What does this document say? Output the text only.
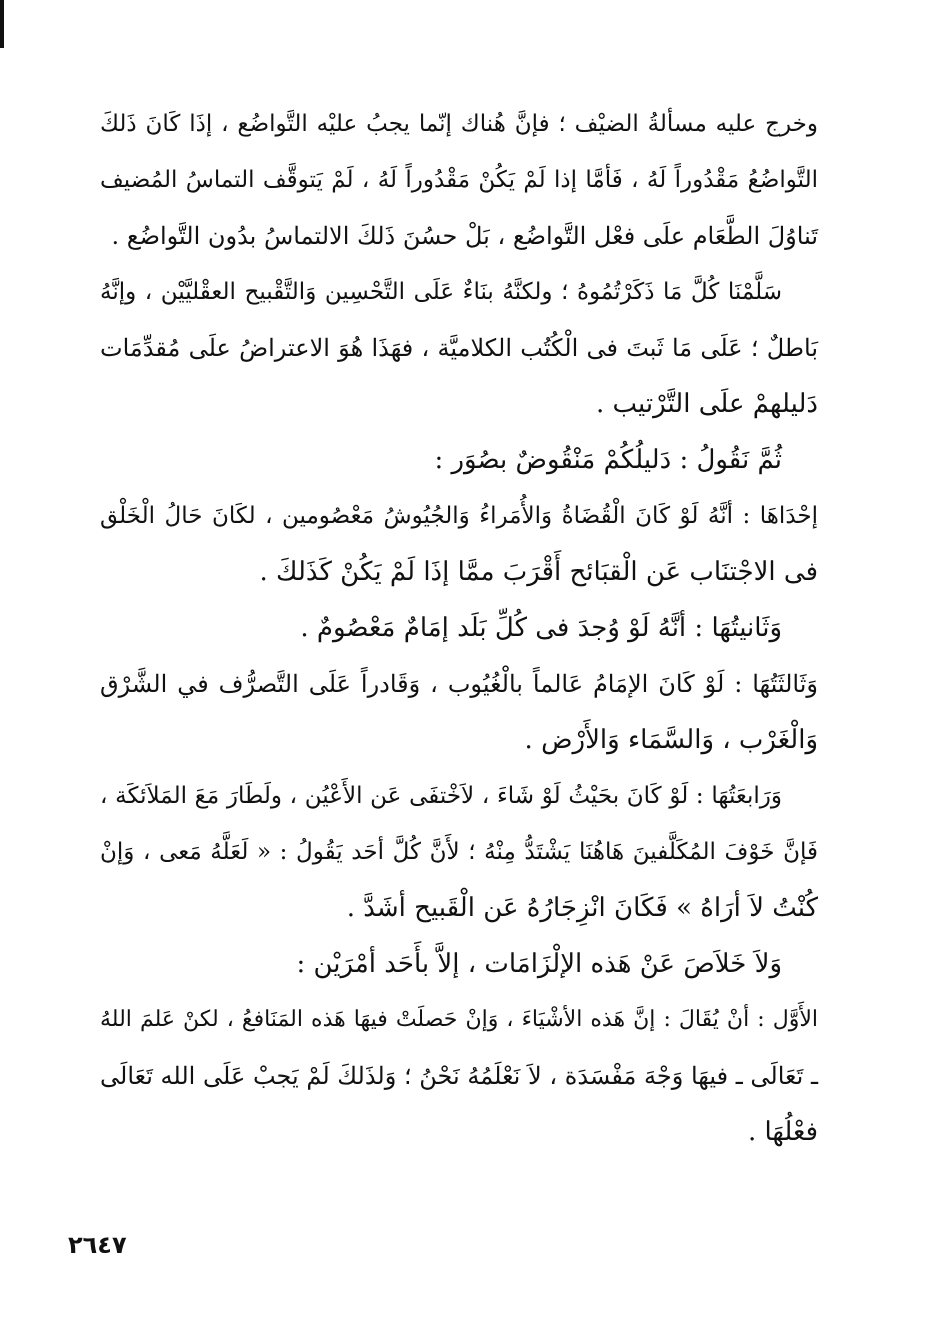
وخرج عليه مسألةُ الضيْف ؛ فإنَّ هُناك إنّما يجبُ عليْه التَّواضُع ، إذَا كَانَ ذَلكَ
التَّواضُعُ مَقْدُوراً لَهُ ، فَأمَّا إذا لَمْ يَكُنْ مَقْدُوراً لَهُ ، لَمْ يَتوقَّف التماسُ المُضيف
تَناوُلَ الطَّعَام علَى فعْل التَّواضُع ، بَلْ حسُنَ ذَلكَ الالتماسُ بدُون التَّواضُع .
سَلَّمْنَا كُلَّ مَا ذَكَرْتُمُوهُ ؛ ولكنَّهُ بنَاءٌ عَلَى التَّحْسِين وَالتَّقْبيح العقْليَّيْن ، وإنَّهُ
بَاطلٌ ؛ عَلَى مَا ثَبتَ فى الْكُتُب الكلاميَّة ، فهَذَا هُوَ الاعتراضُ علَى مُقدِّمَات
دَليلهمْ علَى التَّرْتيب .
ثُمَّ نَقُولُ : دَليلُكُمْ مَنْقُوضٌ بصُوَر :
إحْدَاهَا : أنَّهُ لَوْ كَانَ الْقُضَاةُ وَالأُمَراءُ وَالجُيُوشُ مَعْصُومين ، لكَانَ حَالُ الْخَلْق
فى الاجْتنَاب عَن الْقبَائح أَقْرَبَ ممَّا إذَا لَمْ يَكُنْ كَذَلكَ .
وَثَانيتُهَا : أنَّهُ لَوْ وُجدَ فى كُلِّ بَلَد إمَامٌ مَعْصُومٌ .
وَثَالثَتُهَا : لَوْ كَانَ الإمَامُ عَالماً بالْغُيُوب ، وَقَادراً عَلَى التَّصرُّف في الشَّرْق
وَالْغَرْب ، وَالسَّمَاء وَالأَرْض .
وَرَابعَتُهَا : لَوْ كَانَ بحَيْثُ لَوْ شَاءَ ، لاَخْتفَى عَن الأَعْيُن ، ولَطَارَ مَعَ المَلاَئكَة ،
فَإنَّ خَوْفَ المُكَلَّفينَ هَاهُنَا يَشْتَدُّ مِنْهُ ؛ لأَنَّ كُلَّ أحَد يَقُولُ : « لَعَلَّهُ مَعى ، وَإنْ
كُنْتُ لاَ أرَاهُ » فَكَانَ انْزِجَارُهُ عَن الْقَبيح أشَدَّ .
وَلاَ خَلاَصَ عَنْ هَذه الإلْزَامَات ، إلاَّ بأَحَد أمْرَيْن :
الأَوَّل : أنْ يُقَالَ : إنَّ هَذه الأشْيَاءَ ، وَإنْ حَصلَتْ فيهَا هَذه المَنَافعُ ، لكنْ عَلمَ اللهُ
ـ تَعَالَى ـ فيهَا وَجْهَ مَفْسَدَة ، لاَ نَعْلَمُهُ نَحْنُ ؛ وَلذَلكَ لَمْ يَجبْ عَلَى الله تَعَالَى
فعْلُهَا .
٢٦٤٧
